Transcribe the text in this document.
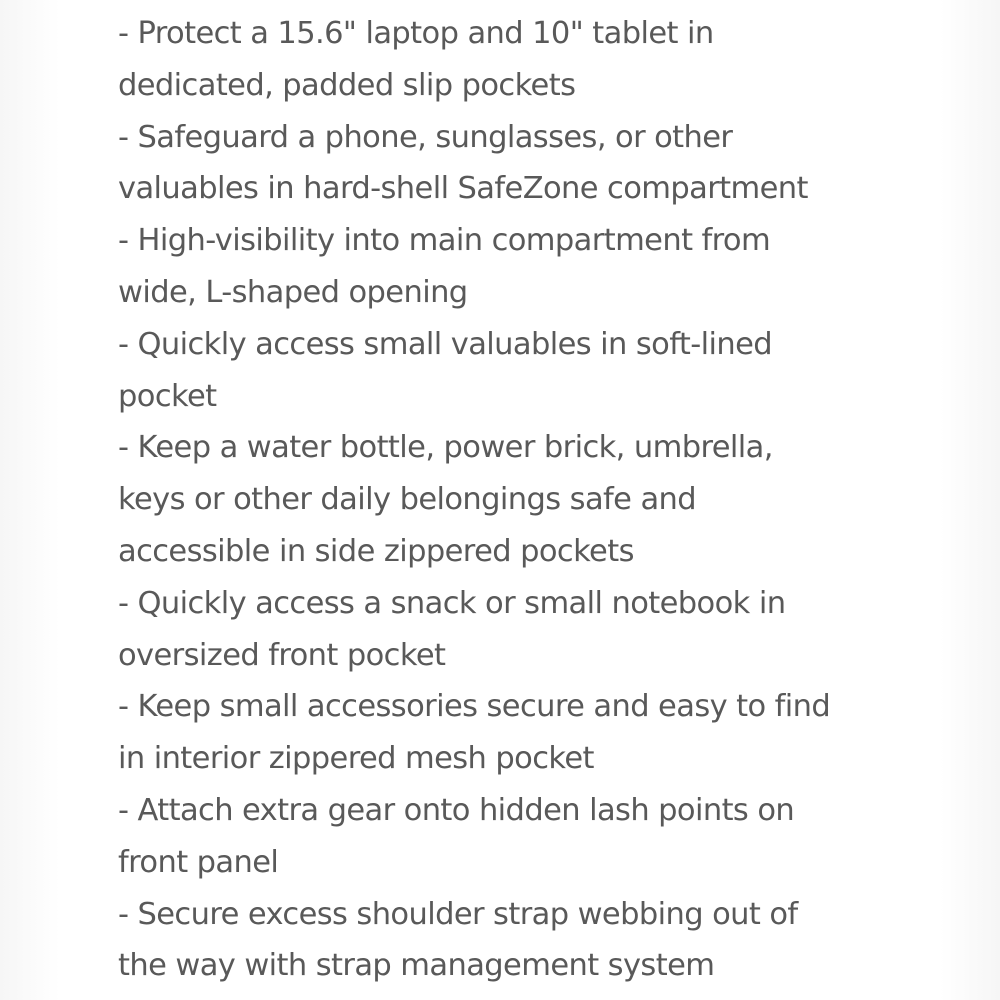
- Protect a 15.6" laptop and 10" tablet in
dedicated, padded slip pockets
- Safeguard a phone, sunglasses, or other
valuables in hard-shell SafeZone compartment
- High-visibility into main compartment from
wide, L-shaped opening
- Quickly access small valuables in soft-lined
pocket
- Keep a water bottle, power brick, umbrella,
keys or other daily belongings safe and
accessible in side zippered pockets
- Quickly access a snack or small notebook in
oversized front pocket
- Keep small accessories secure and easy to find
in interior zippered mesh pocket
- Attach extra gear onto hidden lash points on
front panel
- Secure excess shoulder strap webbing out of
the way with strap management system
